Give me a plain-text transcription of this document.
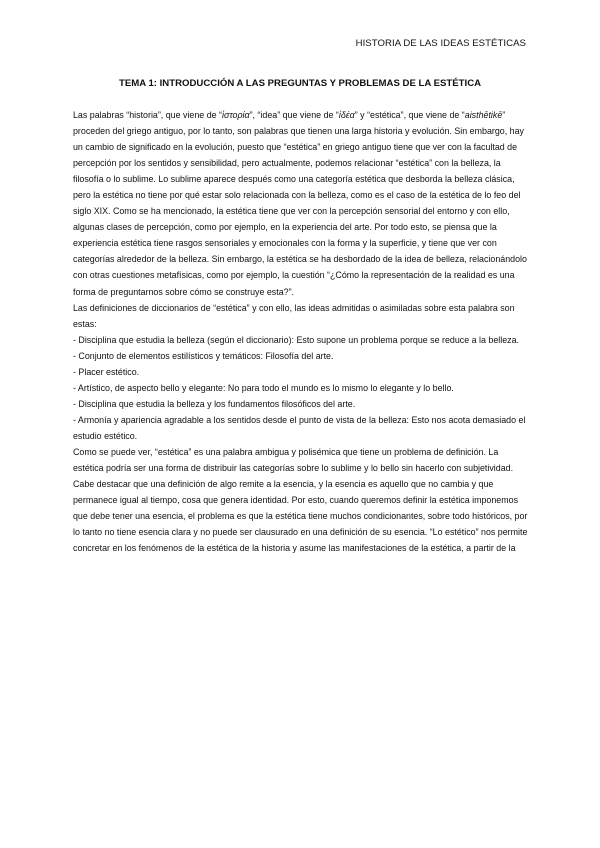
HISTORIA DE LAS IDEAS ESTÉTICAS
TEMA 1: INTRODUCCIÓN A LAS PREGUNTAS Y PROBLEMAS DE LA ESTÉTICA

Las palabras “historia”, que viene de “ἱστορία”, “idea” que viene de “ἰδέα” y “estética”, que viene de “aisthētikē” proceden del griego antiguo, por lo tanto, son palabras que tienen una larga historia y evolución. Sin embargo, hay un cambio de significado en la evolución, puesto que “estética” en griego antiguo tiene que ver con la facultad de percepción por los sentidos y sensibilidad, pero actualmente, podemos relacionar “estética” con la belleza, la filosofía o lo sublime. Lo sublime aparece después como una categoría estética que desborda la belleza clásica, pero la estética no tiene por qué estar solo relacionada con la belleza, como es el caso de la estética de lo feo del siglo XIX. Como se ha mencionado, la estética tiene que ver con la percepción sensorial del entorno y con ello, algunas clases de percepción, como por ejemplo, en la experiencia del arte. Por todo esto, se piensa que la experiencia estética tiene rasgos sensoriales y emocionales con la forma y la superficie, y tiene que ver con categorías alrededor de la belleza. Sin embargo, la estética se ha desbordado de la idea de belleza, relacionándolo con otras cuestiones metafísicas, como por ejemplo, la cuestión “¿Cómo la representación de la realidad es una forma de preguntarnos sobre cómo se construye esta?”.

Las definiciones de diccionarios de “estética” y con ello, las ideas admitidas o asimiladas sobre esta palabra son estas:

- Disciplina que estudia la belleza (según el diccionario): Esto supone un problema porque se reduce a la belleza.

- Conjunto de elementos estilísticos y temáticos: Filosofía del arte.

- Placer estético.

- Artístico, de aspecto bello y elegante: No para todo el mundo es lo mismo lo elegante y lo bello.

- Disciplina que estudia la belleza y los fundamentos filosóficos del arte.

- Armonía y apariencia agradable a los sentidos desde el punto de vista de la belleza: Esto nos acota demasiado el estudio estético.

Como se puede ver, “estética” es una palabra ambigua y polisémica que tiene un problema de definición. La estética podría ser una forma de distribuir las categorías sobre lo sublime y lo bello sin hacerlo con subjetividad. Cabe destacar que una definición de algo remite a la esencia, y la esencia es aquello que no cambia y que permanece igual al tiempo, cosa que genera identidad. Por esto, cuando queremos definir la estética imponemos que debe tener una esencia, el problema es que la estética tiene muchos condicionantes, sobre todo históricos, por lo tanto no tiene esencia clara y no puede ser clausurado en una definición de su esencia. “Lo estético” nos permite concretar en los fenómenos de la estética de la historia y asume las manifestaciones de la estética, a partir de la
